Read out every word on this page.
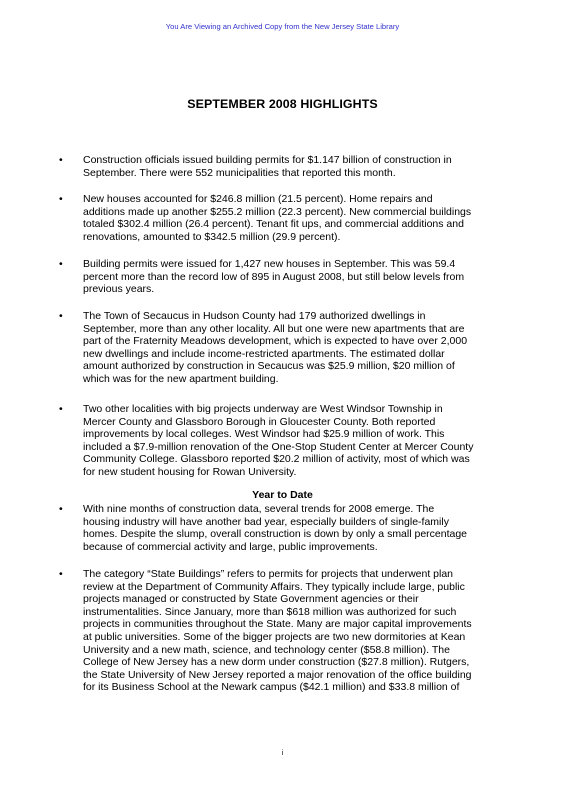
You Are Viewing an Archived Copy from the New Jersey State Library
SEPTEMBER 2008 HIGHLIGHTS
•	Construction officials issued building permits for $1.147 billion of construction in
September. There were 552 municipalities that reported this month.
•	New houses accounted for $246.8 million (21.5 percent). Home repairs and
additions made up another $255.2 million (22.3 percent). New commercial buildings
totaled $302.4 million (26.4 percent). Tenant fit ups, and commercial additions and
renovations, amounted to $342.5 million (29.9 percent).
•	Building permits were issued for 1,427 new houses in September. This was 59.4
percent more than the record low of 895 in August 2008, but still below levels from
previous years.
•	The Town of Secaucus in Hudson County had 179 authorized dwellings in
September, more than any other locality. All but one were new apartments that are
part of the Fraternity Meadows development, which is expected to have over 2,000
new dwellings and include income-restricted apartments. The estimated dollar
amount authorized by construction in Secaucus was $25.9 million, $20 million of
which was for the new apartment building.
•	Two other localities with big projects underway are West Windsor Township in
Mercer County and Glassboro Borough in Gloucester County. Both reported
improvements by local colleges. West Windsor had $25.9 million of work. This
included a $7.9-million renovation of the One-Stop Student Center at Mercer County
Community College. Glassboro reported $20.2 million of activity, most of which was
for new student housing for Rowan University.
•	With nine months of construction data, several trends for 2008 emerge. The
housing industry will have another bad year, especially builders of single-family
homes. Despite the slump, overall construction is down by only a small percentage
because of commercial activity and large, public improvements.
•	The category “State Buildings” refers to permits for projects that underwent plan
review at the Department of Community Affairs. They typically include large, public
projects managed or constructed by State Government agencies or their
instrumentalities. Since January, more than $618 million was authorized for such
projects in communities throughout the State. Many are major capital improvements
at public universities. Some of the bigger projects are two new dormitories at Kean
University and a new math, science, and technology center ($58.8 million). The
College of New Jersey has a new dorm under construction ($27.8 million). Rutgers,
the State University of New Jersey reported a major renovation of the office building
for its Business School at the Newark campus ($42.1 million) and $33.8 million of
Year to Date
i
